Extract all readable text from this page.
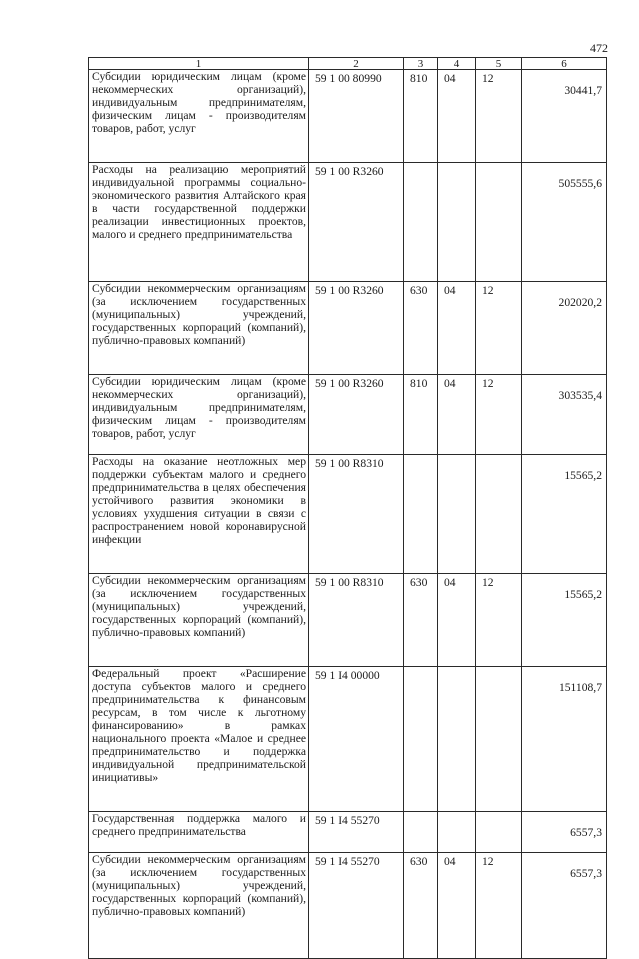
472
1	2	3	4	5	6
Субсидии юридическим лицам (кроме некоммерческих организаций), индивидуальным предпринимателям, физическим лицам - производителям товаров, работ, услуг	59 1 00 80990	810	04	12	30441,7
Расходы на реализацию мероприятий индивидуальной программы социально-экономического развития Алтайского края в части государственной поддержки реализации инвестиционных проектов, малого и среднего предпринимательства	59 1 00 R3260				505555,6
Субсидии некоммерческим организациям (за исключением государственных (муниципальных) учреждений, государственных корпораций (компаний), публично-правовых компаний)	59 1 00 R3260	630	04	12	202020,2
Субсидии юридическим лицам (кроме некоммерческих организаций), индивидуальным предпринимателям, физическим лицам - производителям товаров, работ, услуг	59 1 00 R3260	810	04	12	303535,4
Расходы на оказание неотложных мер поддержки субъектам малого и среднего предпринимательства в целях обеспечения устойчивого развития экономики в условиях ухудшения ситуации в связи с распространением новой коронавирусной инфекции	59 1 00 R8310				15565,2
Субсидии некоммерческим организациям (за исключением государственных (муниципальных) учреждений, государственных корпораций (компаний), публично-правовых компаний)	59 1 00 R8310	630	04	12	15565,2
Федеральный проект «Расширение доступа субъектов малого и среднего предпринимательства к финансовым ресурсам, в том числе к льготному финансированию» в рамках национального проекта «Малое и среднее предпринимательство и поддержка индивидуальной предпринимательской инициативы»	59 1 I4 00000				151108,7
Государственная поддержка малого и среднего предпринимательства	59 1 I4 55270				6557,3
Субсидии некоммерческим организациям (за исключением государственных (муниципальных) учреждений, государственных корпораций (компаний), публично-правовых компаний)	59 1 I4 55270	630	04	12	6557,3
